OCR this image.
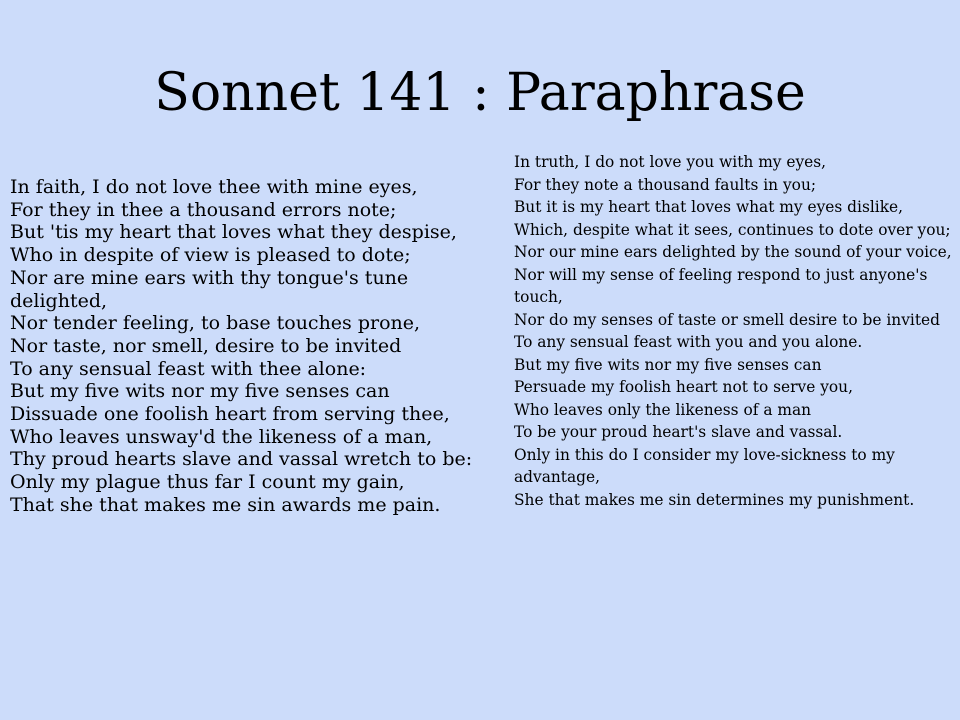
Sonnet 141 : Paraphrase
In faith, I do not love thee with mine eyes,
For they in thee a thousand errors note;
But 'tis my heart that loves what they despise,
Who in despite of view is pleased to dote;
Nor are mine ears with thy tongue's tune delighted,
Nor tender feeling, to base touches prone,
Nor taste, nor smell, desire to be invited
To any sensual feast with thee alone:
But my five wits nor my five senses can
Dissuade one foolish heart from serving thee,
Who leaves unsway'd the likeness of a man,
Thy proud hearts slave and vassal wretch to be:
Only my plague thus far I count my gain,
That she that makes me sin awards me pain.
In truth, I do not love you with my eyes,
For they note a thousand faults in you;
But it is my heart that loves what my eyes dislike,
Which, despite what it sees, continues to dote over you;
Nor our mine ears delighted by the sound of your voice,
Nor will my sense of feeling respond to just anyone's touch,
Nor do my senses of taste or smell desire to be invited
To any sensual feast with you and you alone.
But my five wits nor my five senses can
Persuade my foolish heart not to serve you,
Who leaves only the likeness of a man
To be your proud heart's slave and vassal.
Only in this do I consider my love-sickness to my advantage,
She that makes me sin determines my punishment.
